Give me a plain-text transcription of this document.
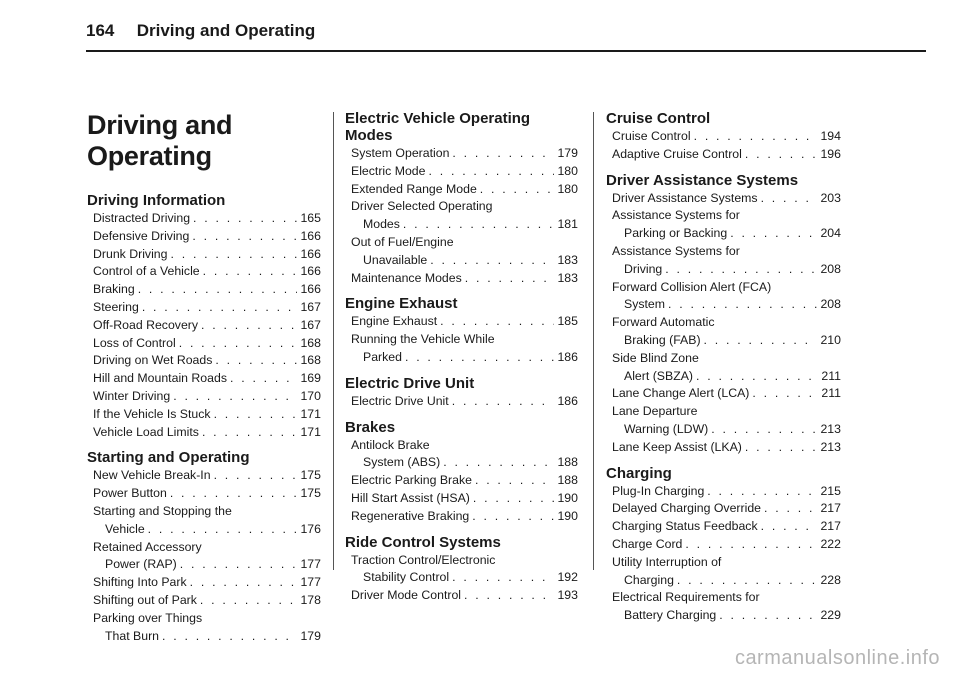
164 Driving and Operating
Driving and
Operating
Driving Information
Distracted Driving . . .	165
Defensive Driving . . .	166
Drunk Driving . . .	166
Control of a Vehicle . . .	166
Braking . . .	166
Steering . . .	167
Off-Road Recovery . . .	167
Loss of Control . . .	168
Driving on Wet Roads . . .	168
Hill and Mountain Roads . . .	169
Winter Driving . . .	170
If the Vehicle Is Stuck . . .	171
Vehicle Load Limits . . .	171
Starting and Operating
New Vehicle Break-In . . .	175
Power Button . . .	175
Starting and Stopping the
Vehicle . . .	176
Retained Accessory
Power (RAP) . . .	177
Shifting Into Park . . .	177
Shifting out of Park . . .	178
Parking over Things
That Burn . . .	179
Electric Vehicle Operating Modes
System Operation . . .	179
Electric Mode . . .	180
Extended Range Mode . . .	180
Driver Selected Operating
Modes . . .	181
Out of Fuel/Engine
Unavailable . . .	183
Maintenance Modes . . .	183
Engine Exhaust
Engine Exhaust . . .	185
Running the Vehicle While
Parked . . .	186
Electric Drive Unit
Electric Drive Unit . . .	186
Brakes
Antilock Brake
System (ABS) . . .	188
Electric Parking Brake . . .	188
Hill Start Assist (HSA) . . .	190
Regenerative Braking . . .	190
Ride Control Systems
Traction Control/Electronic
Stability Control . . .	192
Driver Mode Control . . .	193
Cruise Control
Cruise Control . . .	194
Adaptive Cruise Control . . .	196
Driver Assistance Systems
Driver Assistance Systems . . .	203
Assistance Systems for
Parking or Backing . . .	204
Assistance Systems for
Driving . . .	208
Forward Collision Alert (FCA)
System . . .	208
Forward Automatic
Braking (FAB) . . .	210
Side Blind Zone
Alert (SBZA) . . .	211
Lane Change Alert (LCA) . . .	211
Lane Departure
Warning (LDW) . . .	213
Lane Keep Assist (LKA) . . .	213
Charging
Plug-In Charging . . .	215
Delayed Charging Override . . .	217
Charging Status Feedback . . .	217
Charge Cord . . .	222
Utility Interruption of
Charging . . .	228
Electrical Requirements for
Battery Charging . . .	229
carmanualsonline.info
